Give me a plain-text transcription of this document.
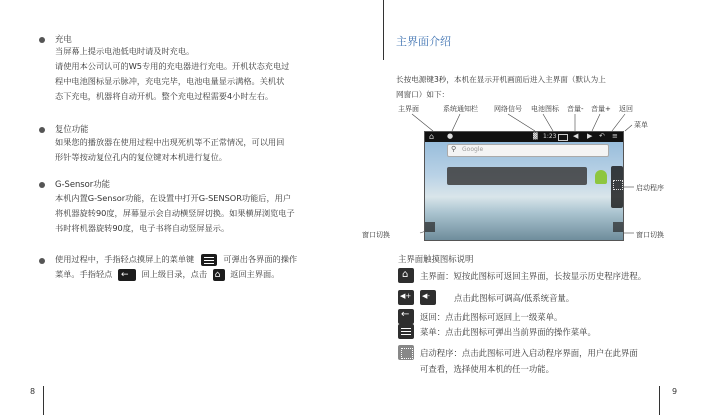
充电
当屏幕上提示电池低电时请及时充电。
请使用本公司认可的W5专用的充电器进行充电。开机状态充电过
程中电池图标显示脉冲，充电完毕，电池电量显示满格。关机状
态下充电，机器将自动开机。整个充电过程需要4小时左右。
复位功能
如果您的播放器在使用过程中出现死机等不正常情况，可以用回
形针等按动复位孔内的复位键对本机进行复位。
G-Sensor功能
本机内置G-Sensor功能，在设置中打开G-SENSOR功能后，用户
将机器旋转90度，屏幕显示会自动横竖屏切换。如果横屏浏览电子
书时将机器旋转90度，电子书将自动竖屏显示。
使用过程中，手指轻点摸屏上的菜单键	可弹出各界面的操作
菜单。手指轻点 ← 回上级目录，点击 ⌂ 返回主界面。
8
主界面介绍
长按电源键3秒，本机在显示开机画面后进入主界面（默认为上
网窗口）如下：
主界面	系统通知栏 网络信号 电池图标 音量- 音量+ 返回
菜单
启动程序
窗口切换	窗口切换
⌂ ●	▓ 1:23 ◀ ▶ ↶ ≡
Google
⚲
主界面触摸图标说明
⌂ 主界面：短按此图标可返回主界面，长按显示历史程序进程。
◀+ ◀-	点击此图标可调高/低系统音量。
← 返回：点击此图标可返回上一级菜单。
菜单：点击此图标可弹出当前界面的操作菜单。
启动程序：点击此图标可进入启动程序界面，用户在此界面
可查看，选择使用本机的任一功能。
9
